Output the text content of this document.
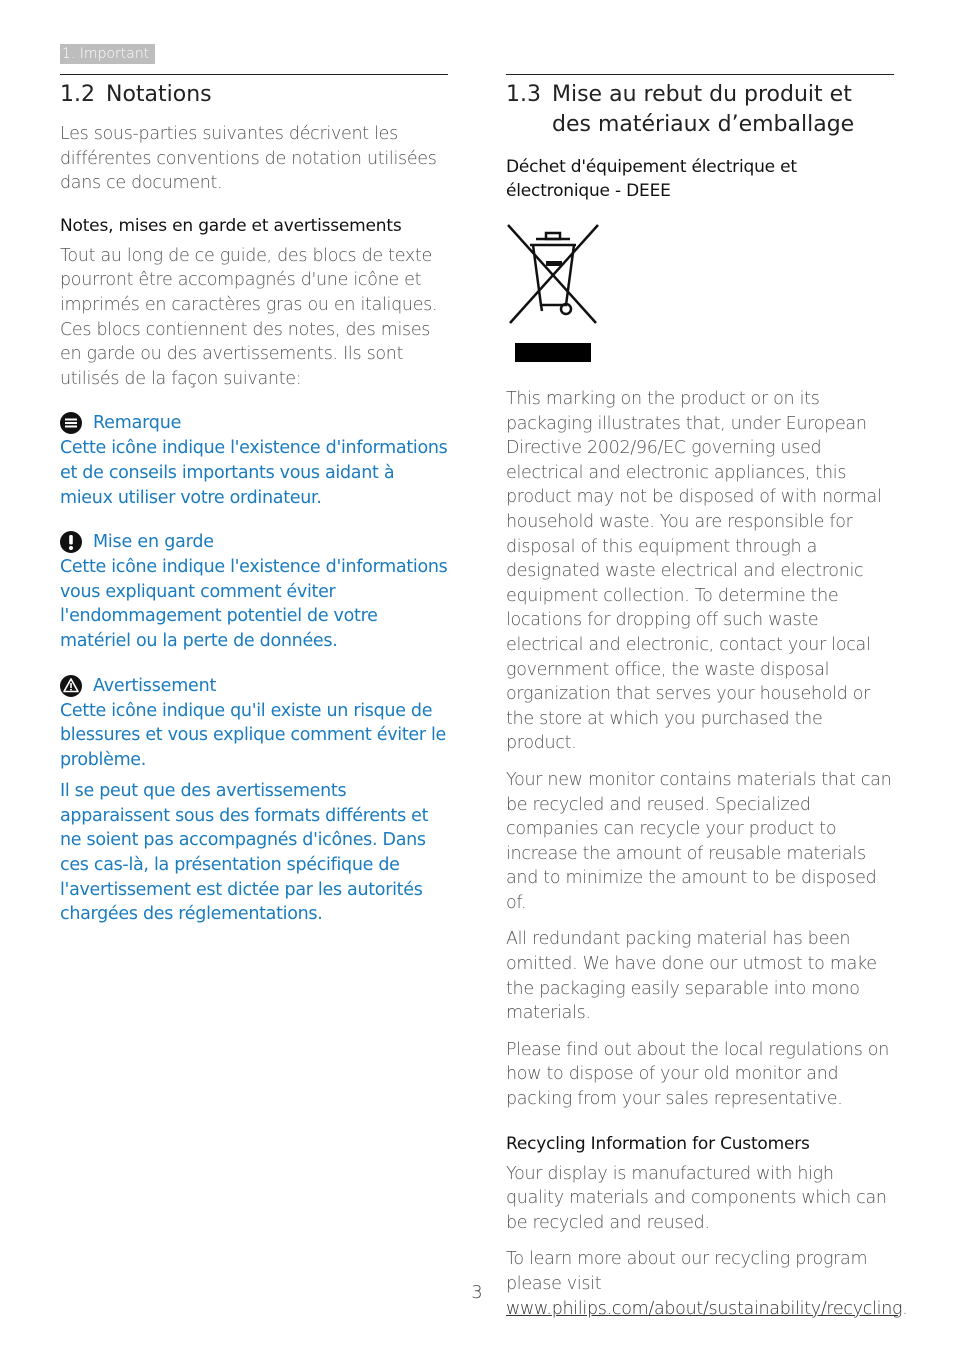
1. Important
1.2 Notations

Les sous-parties suivantes décrivent les différentes conventions de notation utilisées dans ce document.

Notes, mises en garde et avertissements

Tout au long de ce guide, des blocs de texte pourront être accompagnés d'une icône et imprimés en caractères gras ou en italiques. Ces blocs contiennent des notes, des mises en garde ou des avertissements. Ils sont utilisés de la façon suivante:

Remarque

Cette icône indique l'existence d'informations et de conseils importants vous aidant à mieux utiliser votre ordinateur.

Mise en garde

Cette icône indique l'existence d'informations vous expliquant comment éviter l'endommagement potentiel de votre matériel ou la perte de données.

Avertissement

Cette icône indique qu'il existe un risque de blessures et vous explique comment éviter le problème.

Il se peut que des avertissements apparaissent sous des formats différents et ne soient pas accompagnés d'icônes. Dans ces cas-là, la présentation spécifique de l'avertissement est dictée par les autorités chargées des réglementations.

1.3 Mise au rebut du produit et des matériaux d’emballage

Déchet d'équipement électrique et électronique - DEEE

This marking on the product or on its packaging illustrates that, under European Directive 2002/96/EC governing used electrical and electronic appliances, this product may not be disposed of with normal household waste. You are responsible for disposal of this equipment through a designated waste electrical and electronic equipment collection. To determine the locations for dropping off such waste electrical and electronic, contact your local government office, the waste disposal organization that serves your household or the store at which you purchased the product.

Your new monitor contains materials that can be recycled and reused. Specialized companies can recycle your product to increase the amount of reusable materials and to minimize the amount to be disposed of.

All redundant packing material has been omitted. We have done our utmost to make the packaging easily separable into mono materials.

Please find out about the local regulations on how to dispose of your old monitor and packing from your sales representative.

Recycling Information for Customers

Your display is manufactured with high quality materials and components which can be recycled and reused.

To learn more about our recycling program please visit www.philips.com/about/sustainability/recycling.

3
